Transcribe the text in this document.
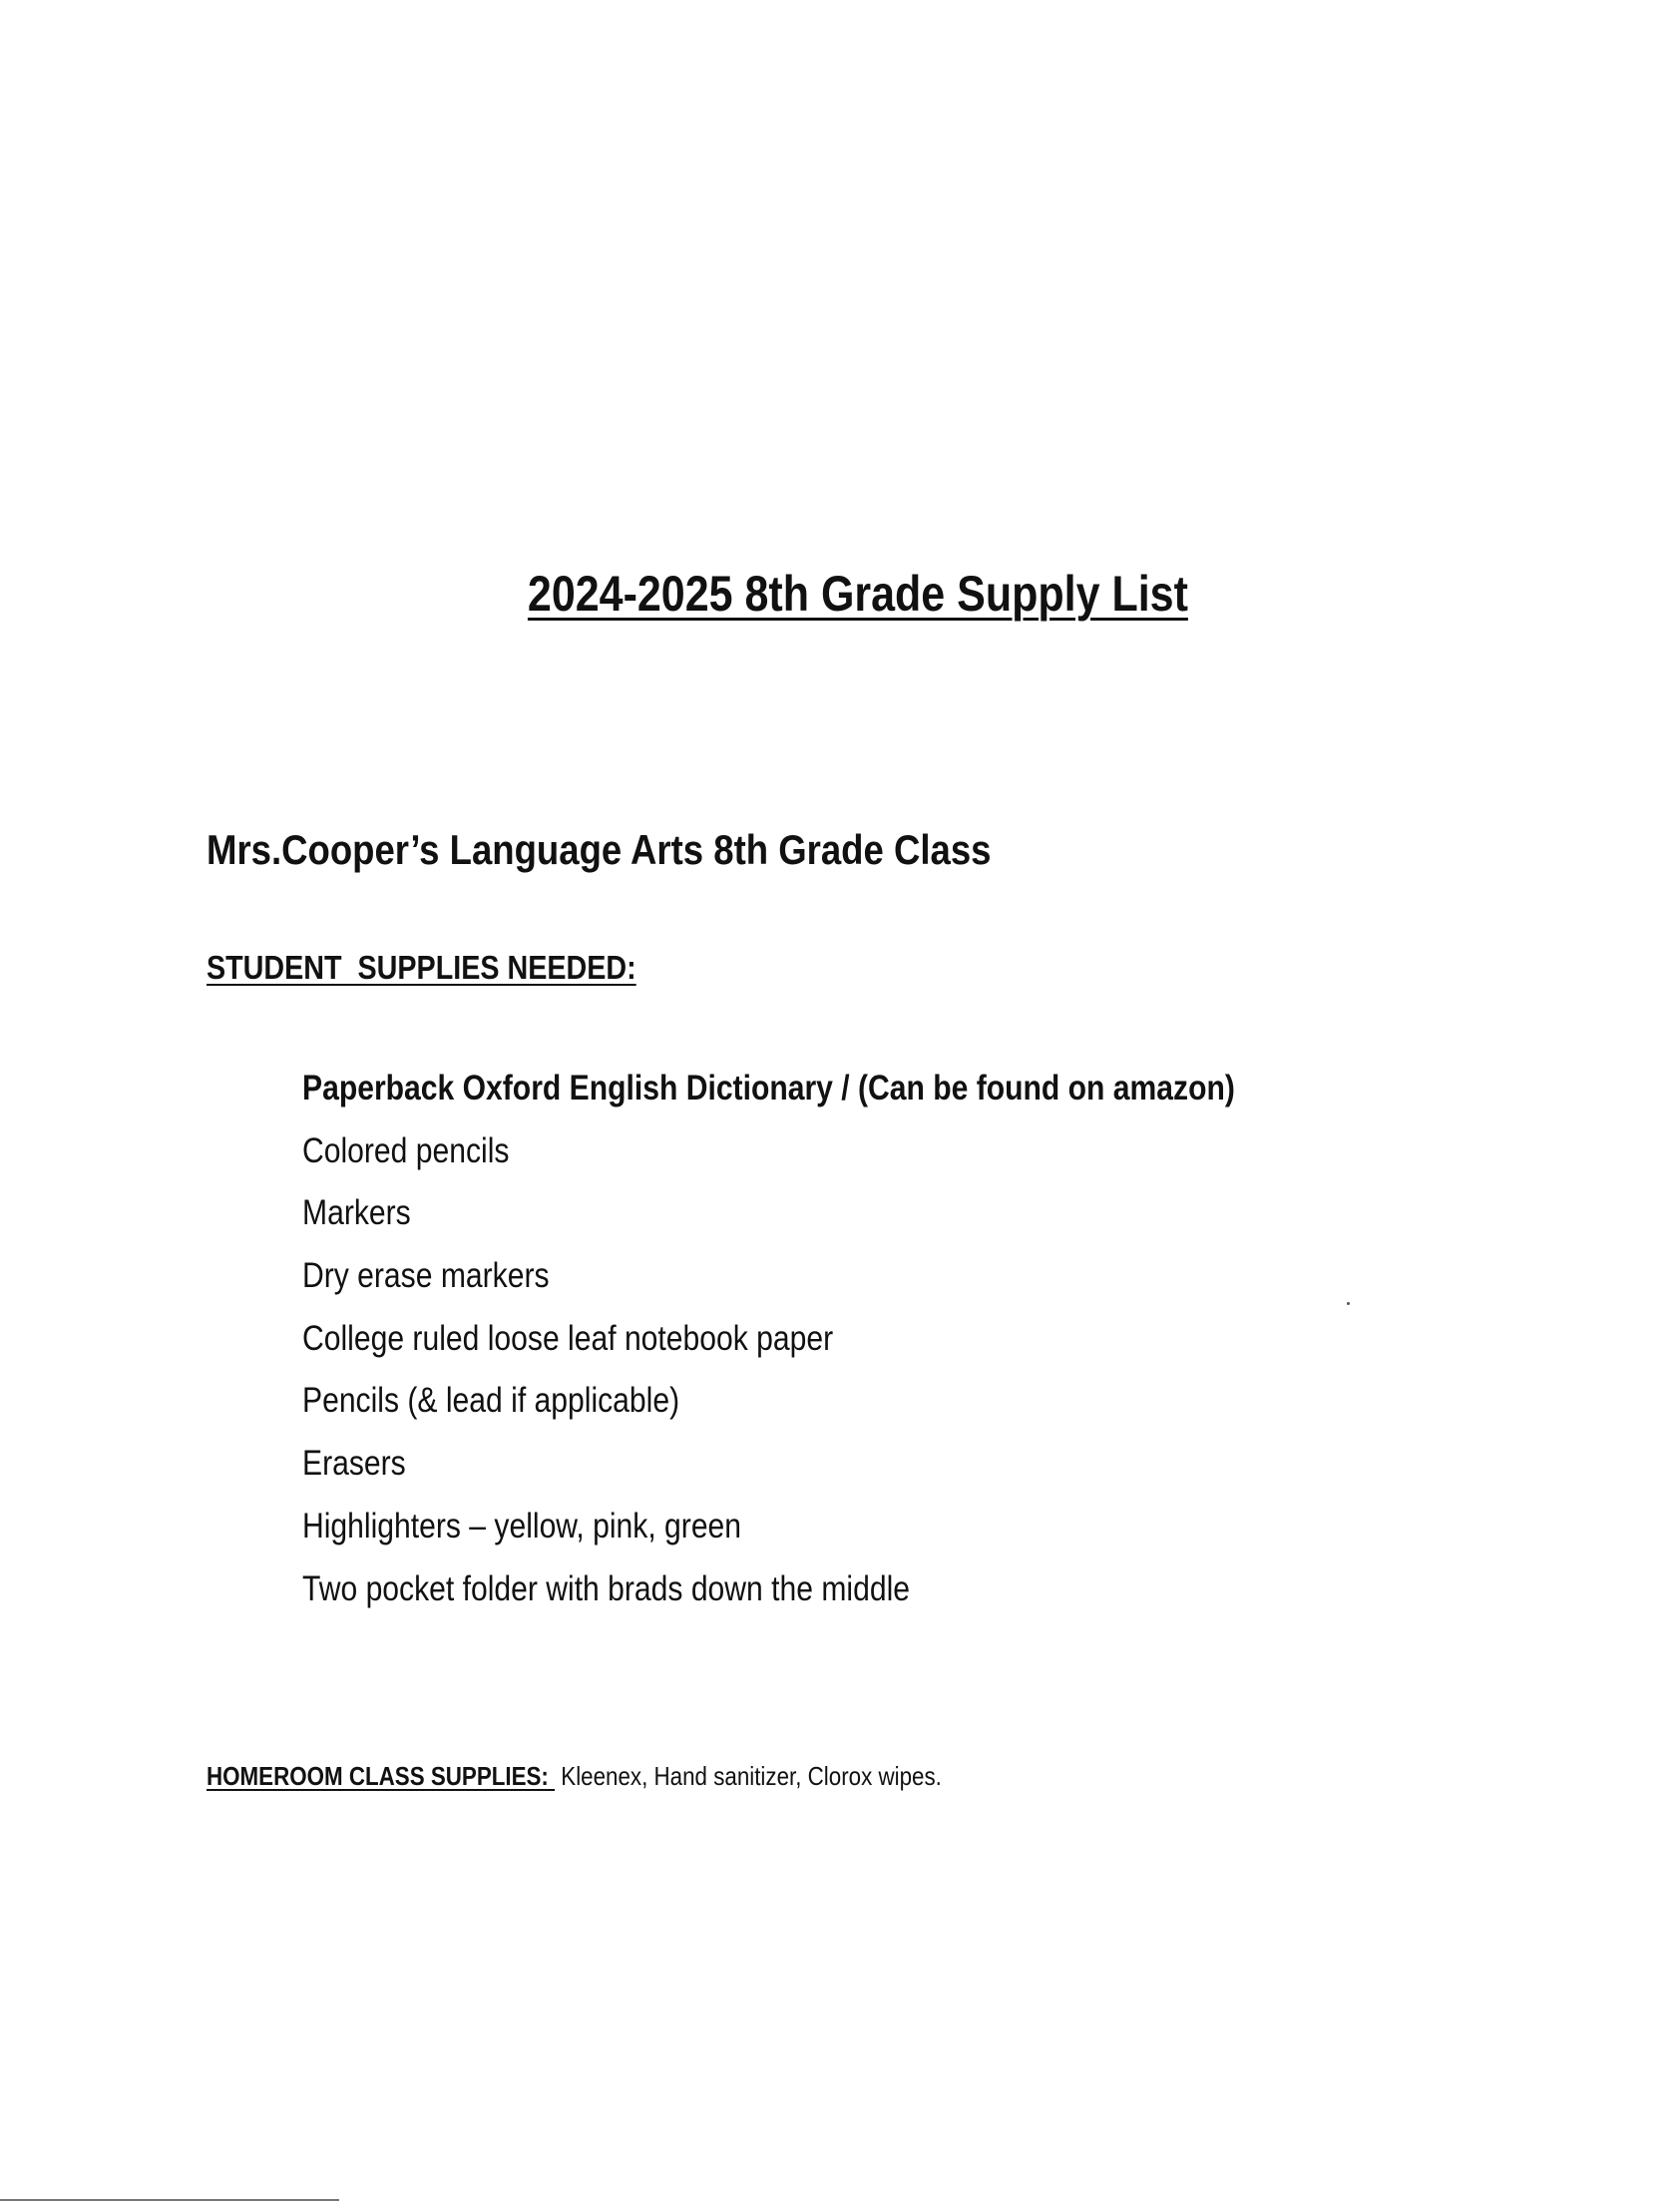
2024-2025 8th Grade Supply List
Mrs.Cooper’s Language Arts 8th Grade Class
STUDENT  SUPPLIES NEEDED:
Paperback Oxford English Dictionary / (Can be found on amazon)
Colored pencils
Markers
Dry erase markers
College ruled loose leaf notebook paper
Pencils (& lead if applicable)
Erasers
Highlighters – yellow, pink, green
Two pocket folder with brads down the middle
HOMEROOM CLASS SUPPLIES:  Kleenex, Hand sanitizer, Clorox wipes.
